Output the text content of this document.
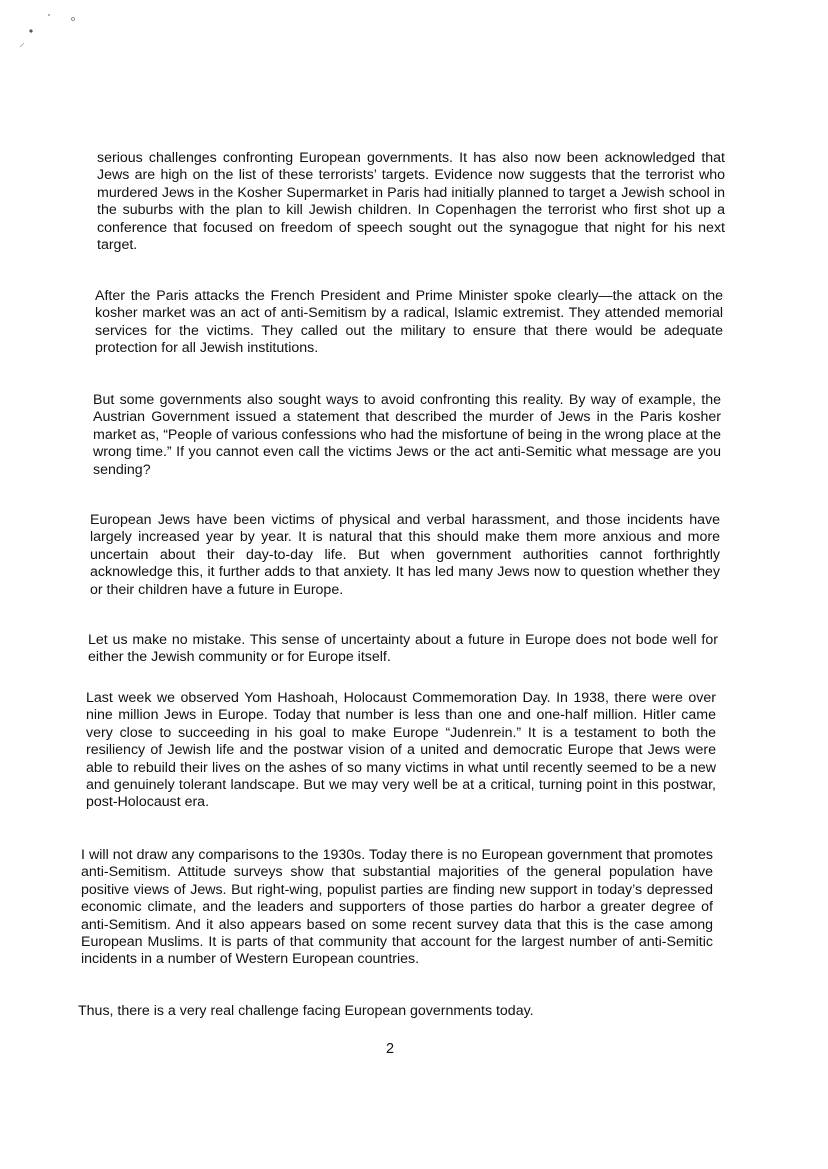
serious challenges confronting European governments. It has also now been acknowledged that Jews are high on the list of these terrorists’ targets. Evidence now suggests that the terrorist who murdered Jews in the Kosher Supermarket in Paris had initially planned to target a Jewish school in the suburbs with the plan to kill Jewish children. In Copenhagen the terrorist who first shot up a conference that focused on freedom of speech sought out the synagogue that night for his next target.

After the Paris attacks the French President and Prime Minister spoke clearly—the attack on the kosher market was an act of anti-Semitism by a radical, Islamic extremist. They attended memorial services for the victims. They called out the military to ensure that there would be adequate protection for all Jewish institutions.

But some governments also sought ways to avoid confronting this reality. By way of example, the Austrian Government issued a statement that described the murder of Jews in the Paris kosher market as, “People of various confessions who had the misfortune of being in the wrong place at the wrong time.” If you cannot even call the victims Jews or the act anti-Semitic what message are you sending?

European Jews have been victims of physical and verbal harassment, and those incidents have largely increased year by year. It is natural that this should make them more anxious and more uncertain about their day-to-day life. But when government authorities cannot forthrightly acknowledge this, it further adds to that anxiety. It has led many Jews now to question whether they or their children have a future in Europe.

Let us make no mistake. This sense of uncertainty about a future in Europe does not bode well for either the Jewish community or for Europe itself.

Last week we observed Yom Hashoah, Holocaust Commemoration Day. In 1938, there were over nine million Jews in Europe. Today that number is less than one and one-half million. Hitler came very close to succeeding in his goal to make Europe “Judenrein.” It is a testament to both the resiliency of Jewish life and the postwar vision of a united and democratic Europe that Jews were able to rebuild their lives on the ashes of so many victims in what until recently seemed to be a new and genuinely tolerant landscape. But we may very well be at a critical, turning point in this postwar, post-Holocaust era.

I will not draw any comparisons to the 1930s. Today there is no European government that promotes anti-Semitism. Attitude surveys show that substantial majorities of the general population have positive views of Jews. But right-wing, populist parties are finding new support in today’s depressed economic climate, and the leaders and supporters of those parties do harbor a greater degree of anti-Semitism. And it also appears based on some recent survey data that this is the case among European Muslims. It is parts of that community that account for the largest number of anti-Semitic incidents in a number of Western European countries.

Thus, there is a very real challenge facing European governments today.

2
